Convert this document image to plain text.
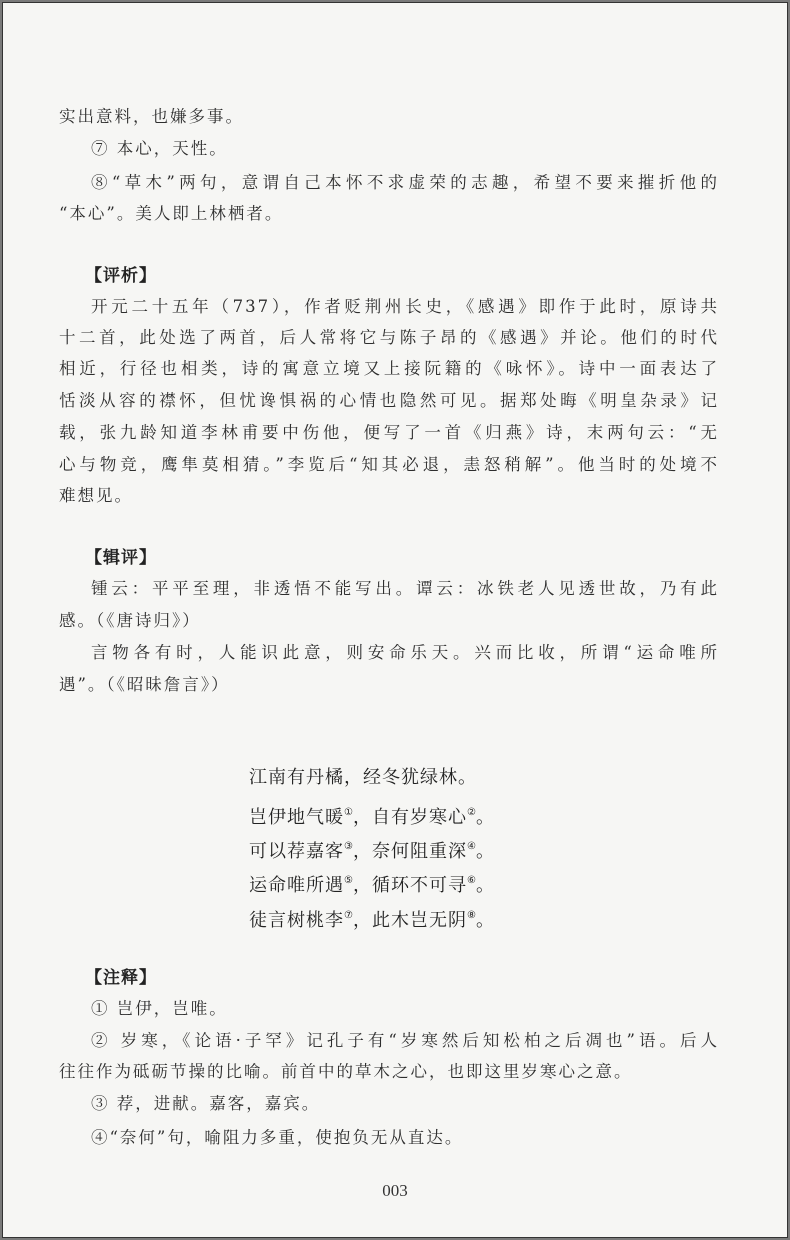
实出意料，也嫌多事。
⑦ 本心，天性。
⑧“草木”两句，意谓自己本怀不求虚荣的志趣，希望不要来摧折他的
“本心”。美人即上林栖者。
【评析】
开元二十五年（737），作者贬荆州长史，《感遇》即作于此时，原诗共
十二首，此处选了两首，后人常将它与陈子昂的《感遇》并论。他们的时代
相近，行径也相类，诗的寓意立境又上接阮籍的《咏怀》。诗中一面表达了
恬淡从容的襟怀，但忧谗惧祸的心情也隐然可见。据郑处晦《明皇杂录》记
载，张九龄知道李林甫要中伤他，便写了一首《归燕》诗，末两句云：“无
心与物竞，鹰隼莫相猜。”李览后“知其必退，恚怒稍解”。他当时的处境不
难想见。
【辑评】
锺云：平平至理，非透悟不能写出。谭云：冰铁老人见透世故，乃有此
感。（《唐诗归》）
言物各有时，人能识此意，则安命乐天。兴而比收，所谓“运命唯所
遇”。（《昭昧詹言》）
江南有丹橘，经冬犹绿林。
岂伊地气暖①，自有岁寒心②。
可以荐嘉客③，奈何阻重深④。
运命唯所遇⑤，循环不可寻⑥。
徒言树桃李⑦，此木岂无阴⑧。
【注释】
① 岂伊，岂唯。
② 岁寒，《论语·子罕》记孔子有“岁寒然后知松柏之后凋也”语。后人
往往作为砥砺节操的比喻。前首中的草木之心，也即这里岁寒心之意。
③ 荐，进献。嘉客，嘉宾。
④“奈何”句，喻阻力多重，使抱负无从直达。
003
